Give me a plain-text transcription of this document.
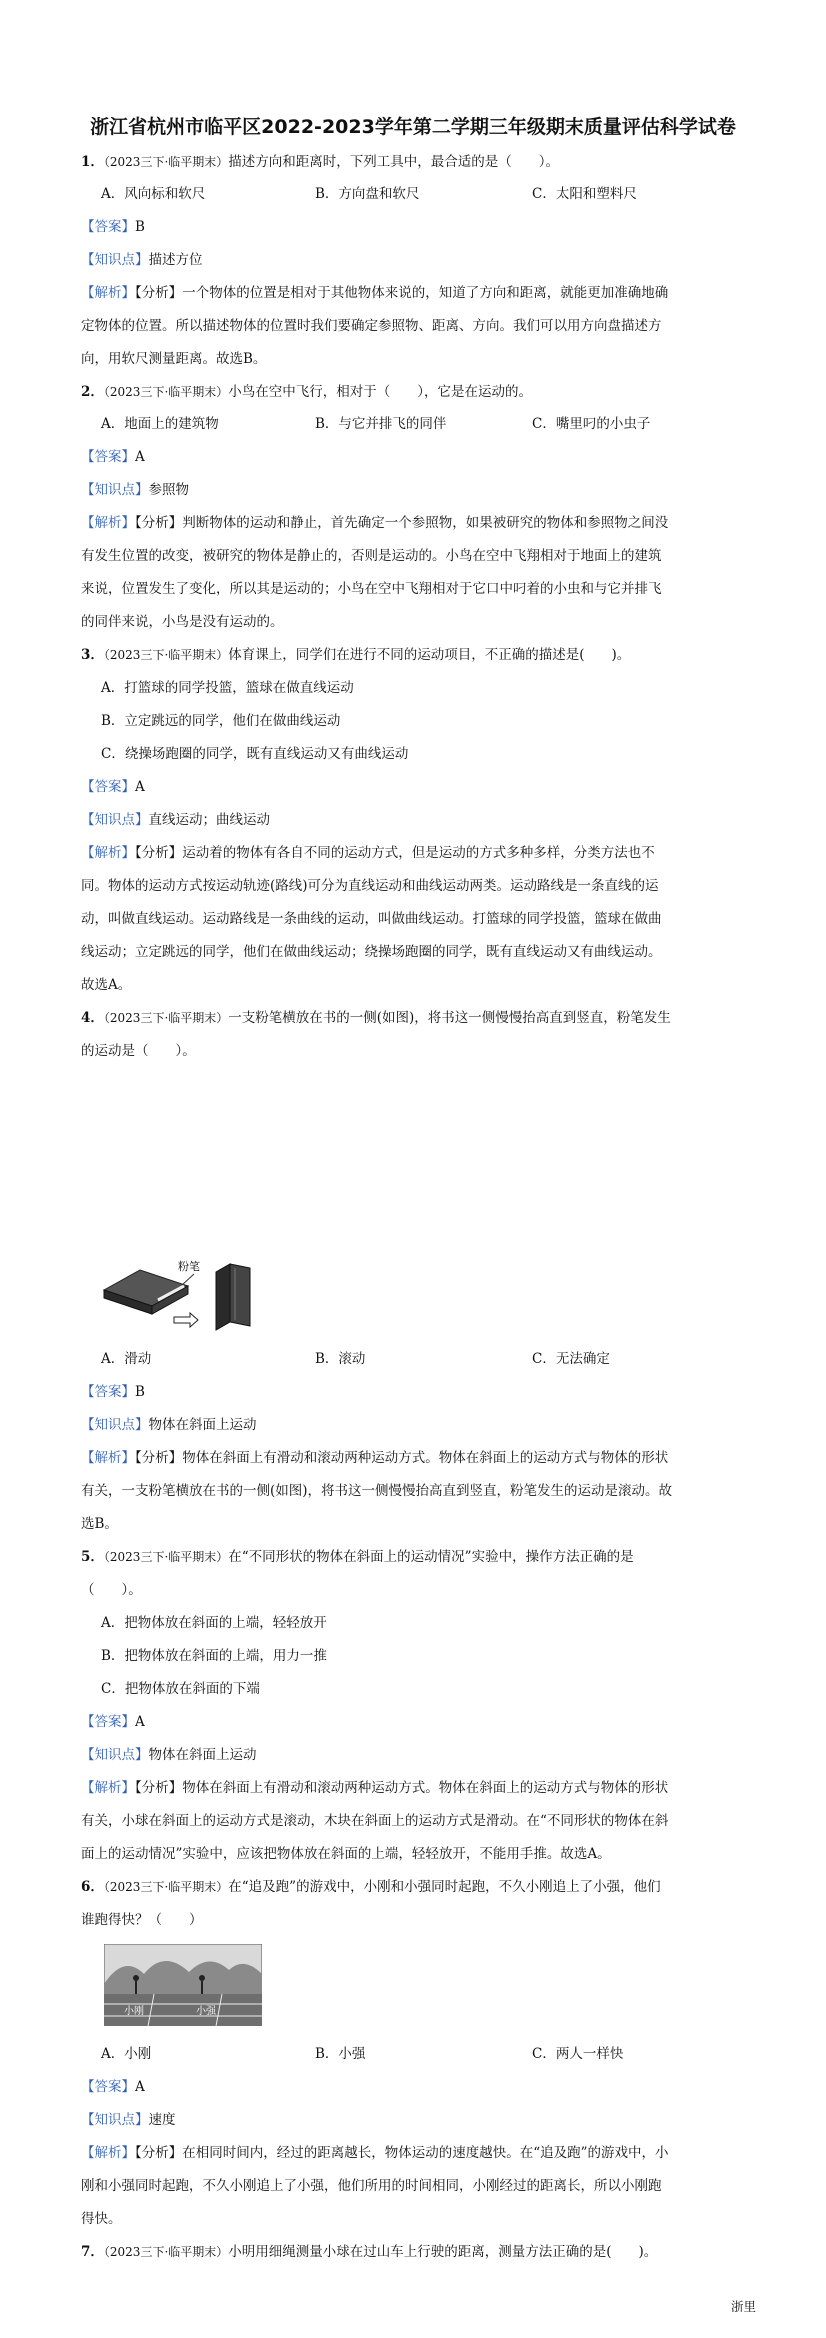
浙江省杭州市临平区2022-2023学年第二学期三年级期末质量评估科学试卷
1．（2023三下·临平期末）描述方向和距离时，下列工具中，最合适的是（　　）。
A．风向标和软尺	B．方向盘和软尺	C．太阳和塑料尺
【答案】B
【知识点】描述方位
【解析】【分析】一个物体的位置是相对于其他物体来说的，知道了方向和距离，就能更加准确地确
定物体的位置。所以描述物体的位置时我们要确定参照物、距离、方向。我们可以用方向盘描述方
向，用软尺测量距离。故选B。
2．（2023三下·临平期末）小鸟在空中飞行，相对于（　　），它是在运动的。
A．地面上的建筑物	B．与它并排飞的同伴	C．嘴里叼的小虫子
【答案】A
【知识点】参照物
【解析】【分析】判断物体的运动和静止，首先确定一个参照物，如果被研究的物体和参照物之间没
有发生位置的改变，被研究的物体是静止的，否则是运动的。小鸟在空中飞翔相对于地面上的建筑
来说，位置发生了变化，所以其是运动的；小鸟在空中飞翔相对于它口中叼着的小虫和与它并排飞
的同伴来说，小鸟是没有运动的。
3．（2023三下·临平期末）体育课上，同学们在进行不同的运动项目，不正确的描述是(　　)。
A．打篮球的同学投篮，篮球在做直线运动
B．立定跳远的同学，他们在做曲线运动
C．绕操场跑圈的同学，既有直线运动又有曲线运动
【答案】A
【知识点】直线运动；曲线运动
【解析】【分析】运动着的物体有各自不同的运动方式，但是运动的方式多种多样，分类方法也不
同。物体的运动方式按运动轨迹(路线)可分为直线运动和曲线运动两类。运动路线是一条直线的运
动，叫做直线运动。运动路线是一条曲线的运动，叫做曲线运动。打篮球的同学投篮，篮球在做曲
线运动；立定跳远的同学，他们在做曲线运动；绕操场跑圈的同学，既有直线运动又有曲线运动。
故选A。
4．（2023三下·临平期末）一支粉笔横放在书的一侧(如图)，将书这一侧慢慢抬高直到竖直，粉笔发生
的运动是（　　）。
粉笔
A．滑动	B．滚动	C．无法确定
【答案】B
【知识点】物体在斜面上运动
【解析】【分析】物体在斜面上有滑动和滚动两种运动方式。物体在斜面上的运动方式与物体的形状
有关，一支粉笔横放在书的一侧(如图)，将书这一侧慢慢抬高直到竖直，粉笔发生的运动是滚动。故
选B。
5．（2023三下·临平期末）在“不同形状的物体在斜面上的运动情况”实验中，操作方法正确的是
（　　）。
A．把物体放在斜面的上端，轻轻放开
B．把物体放在斜面的上端，用力一推
C．把物体放在斜面的下端
【答案】A
【知识点】物体在斜面上运动
【解析】【分析】物体在斜面上有滑动和滚动两种运动方式。物体在斜面上的运动方式与物体的形状
有关，小球在斜面上的运动方式是滚动，木块在斜面上的运动方式是滑动。在“不同形状的物体在斜
面上的运动情况”实验中，应该把物体放在斜面的上端，轻轻放开，不能用手推。故选A。
6．（2023三下·临平期末）在“追及跑”的游戏中，小刚和小强同时起跑，不久小刚追上了小强，他们
谁跑得快？（　　）
小刚	小强
A．小刚	B．小强	C．两人一样快
【答案】A
【知识点】速度
【解析】【分析】在相同时间内，经过的距离越长，物体运动的速度越快。在“追及跑”的游戏中，小
刚和小强同时起跑，不久小刚追上了小强，他们所用的时间相同，小刚经过的距离长，所以小刚跑
得快。
7．（2023三下·临平期末）小明用细绳测量小球在过山车上行驶的距离，测量方法正确的是(　　)。
浙里
